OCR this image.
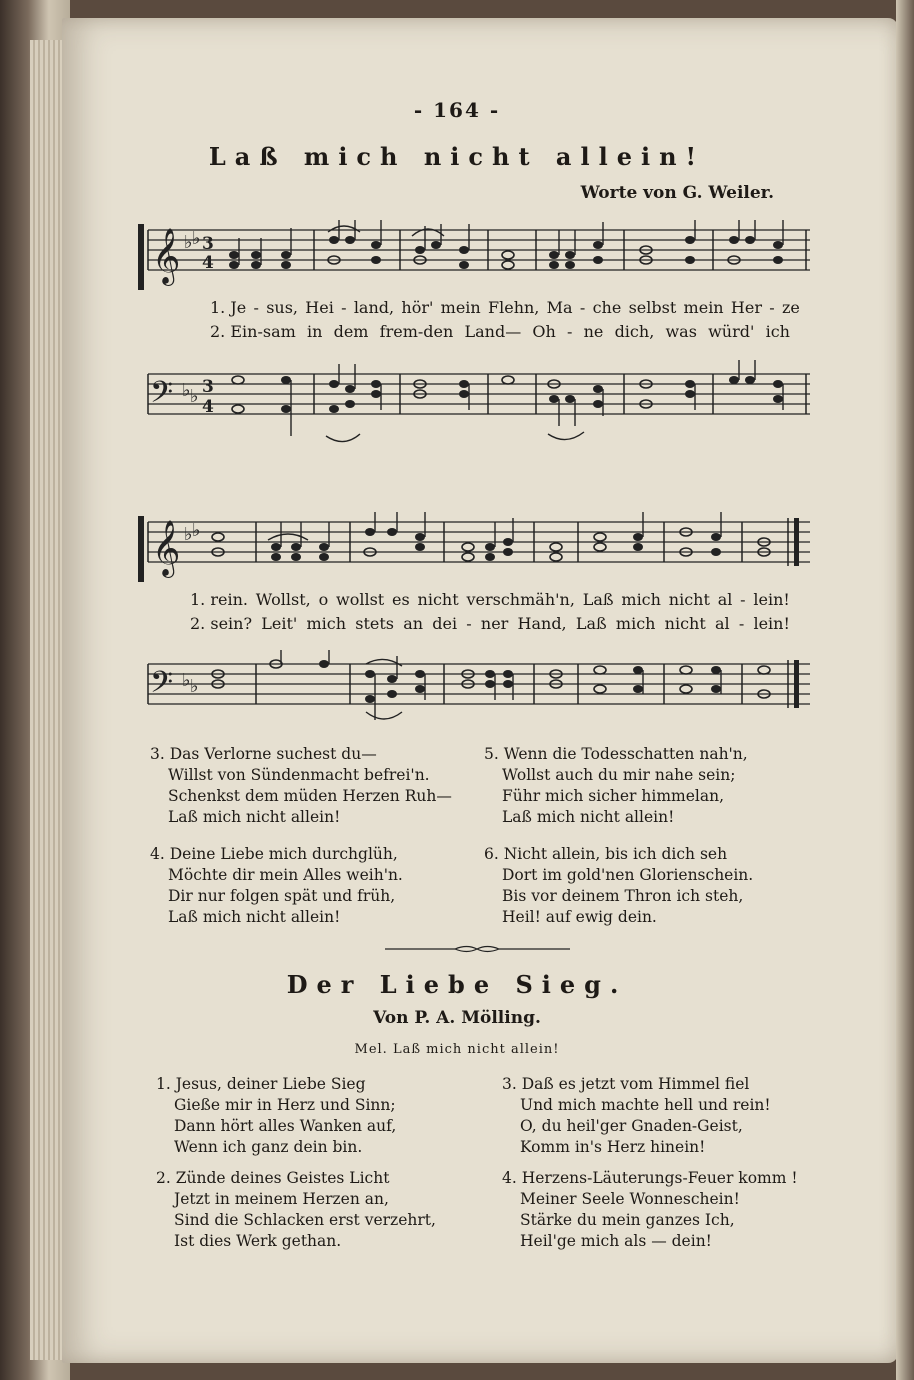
- 164 -
Laß mich nicht allein!
Worte von G. Weiler.
𝄞 ♭ ♭ 3
4
1. Je - sus, Hei - land, hör' mein Flehn, Ma - che selbst mein Her - ze
2. Ein-sam in dem frem-den Land— Oh - ne dich, was würd' ich
𝄢 ♭ ♭ 3
4
𝄞 ♭ ♭
1. rein. Wollst, o wollst es nicht verschmäh'n, Laß mich nicht al - lein!
2. sein? Leit' mich stets an dei - ner Hand, Laß mich nicht al - lein!
𝄢 ♭ ♭
3. Das Verlorne suchest du—
Willst von Sündenmacht befrei'n.
Schenkst dem müden Herzen Ruh—
Laß mich nicht allein!
4. Deine Liebe mich durchglüh,
Möchte dir mein Alles weih'n.
Dir nur folgen spät und früh,
Laß mich nicht allein!
5. Wenn die Todesschatten nah'n,
Wollst auch du mir nahe sein;
Führ mich sicher himmelan,
Laß mich nicht allein!
6. Nicht allein, bis ich dich seh
Dort im gold'nen Glorienschein.
Bis vor deinem Thron ich steh,
Heil! auf ewig dein.
Der Liebe Sieg.
Von P. A. Mölling.
Mel. Laß mich nicht allein!
1. Jesus, deiner Liebe Sieg
Gieße mir in Herz und Sinn;
Dann hört alles Wanken auf,
Wenn ich ganz dein bin.
2. Zünde deines Geistes Licht
Jetzt in meinem Herzen an,
Sind die Schlacken erst verzehrt,
Ist dies Werk gethan.
3. Daß es jetzt vom Himmel fiel
Und mich machte hell und rein!
O, du heil'ger Gnaden-Geist,
Komm in's Herz hinein!
4. Herzens-Läuterungs-Feuer komm !
Meiner Seele Wonneschein!
Stärke du mein ganzes Ich,
Heil'ge mich als — dein!
